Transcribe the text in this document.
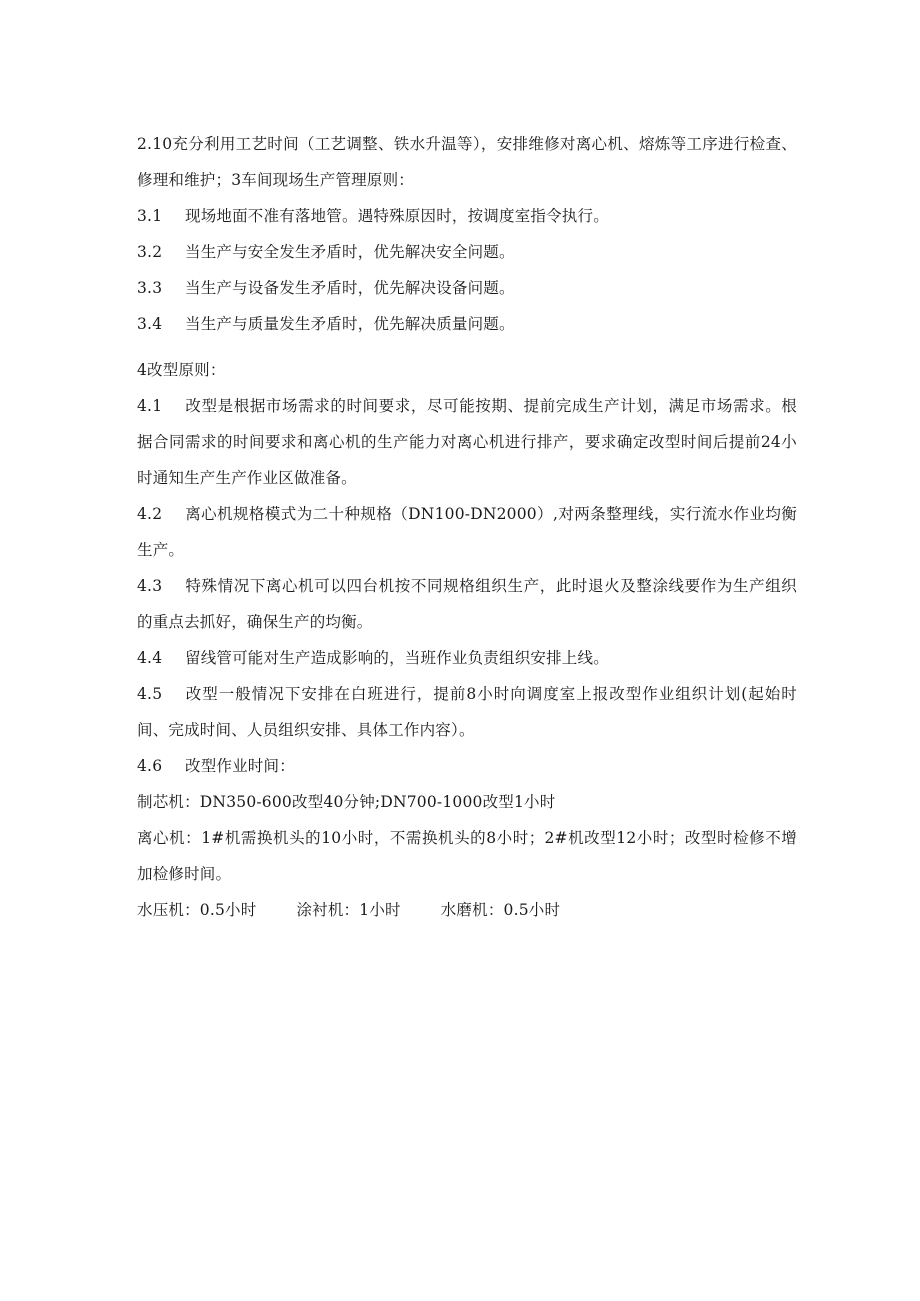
2.10充分利用工艺时间（工艺调整、铁水升温等），安排维修对离心机、熔炼等工序进行检查、修理和维护；3车间现场生产管理原则：

3.1 现场地面不准有落地管。遇特殊原因时，按调度室指令执行。

3.2 当生产与安全发生矛盾时，优先解决安全问题。

3.3 当生产与设备发生矛盾时，优先解决设备问题。

3.4 当生产与质量发生矛盾时，优先解决质量问题。

4改型原则：

4.1 改型是根据市场需求的时间要求，尽可能按期、提前完成生产计划，满足市场需求。根据合同需求的时间要求和离心机的生产能力对离心机进行排产，要求确定改型时间后提前24小时通知生产生产作业区做准备。

4.2 离心机规格模式为二十种规格（DN100-DN2000）,对两条整理线，实行流水作业均衡生产。

4.3 特殊情况下离心机可以四台机按不同规格组织生产，此时退火及整涂线要作为生产组织的重点去抓好，确保生产的均衡。

4.4 留线管可能对生产造成影响的，当班作业负责组织安排上线。

4.5 改型一般情况下安排在白班进行，提前8小时向调度室上报改型作业组织计划(起始时间、完成时间、人员组织安排、具体工作内容）。

4.6 改型作业时间：

制芯机：DN350-600改型40分钟;DN700-1000改型1小时

离心机：1#机需换机头的10小时，不需换机头的8小时；2#机改型12小时；改型时检修不增加检修时间。

水压机：0.5小时	涂衬机：1小时	水磨机：0.5小时
